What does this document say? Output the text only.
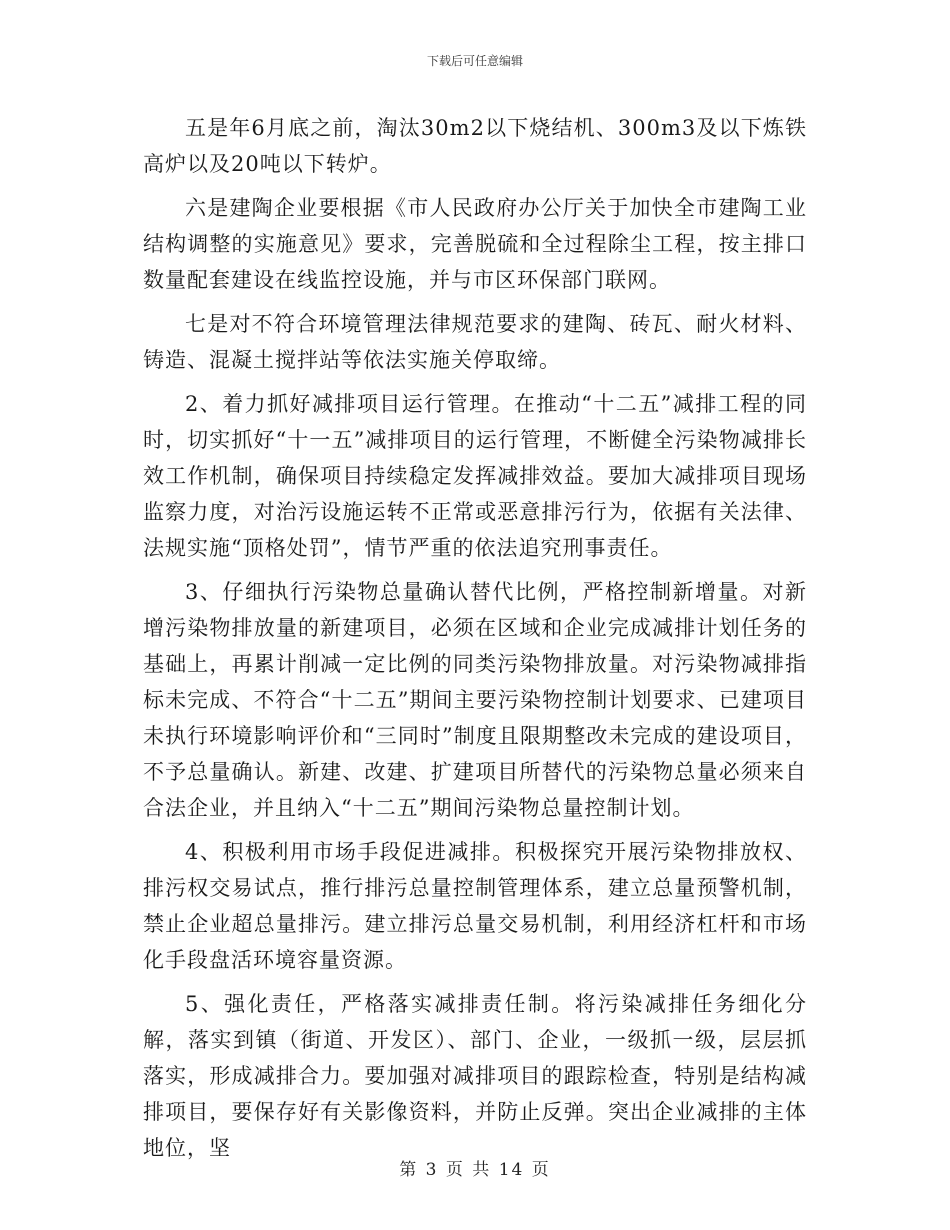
下载后可任意编辑

五是年6月底之前，淘汰30m2以下烧结机、300m3及以下炼铁高炉以及20吨以下转炉。

六是建陶企业要根据《市人民政府办公厅关于加快全市建陶工业结构调整的实施意见》要求，完善脱硫和全过程除尘工程，按主排口数量配套建设在线监控设施，并与市区环保部门联网。

七是对不符合环境管理法律规范要求的建陶、砖瓦、耐火材料、铸造、混凝土搅拌站等依法实施关停取缔。

2、着力抓好减排项目运行管理。在推动“十二五”减排工程的同时，切实抓好“十一五”减排项目的运行管理，不断健全污染物减排长效工作机制，确保项目持续稳定发挥减排效益。要加大减排项目现场监察力度，对治污设施运转不正常或恶意排污行为，依据有关法律、法规实施“顶格处罚”，情节严重的依法追究刑事责任。

3、仔细执行污染物总量确认替代比例，严格控制新增量。对新增污染物排放量的新建项目，必须在区域和企业完成减排计划任务的基础上，再累计削减一定比例的同类污染物排放量。对污染物减排指标未完成、不符合“十二五”期间主要污染物控制计划要求、已建项目未执行环境影响评价和“三同时”制度且限期整改未完成的建设项目，不予总量确认。新建、改建、扩建项目所替代的污染物总量必须来自合法企业，并且纳入“十二五”期间污染物总量控制计划。

4、积极利用市场手段促进减排。积极探究开展污染物排放权、排污权交易试点，推行排污总量控制管理体系，建立总量预警机制，禁止企业超总量排污。建立排污总量交易机制，利用经济杠杆和市场化手段盘活环境容量资源。

5、强化责任，严格落实减排责任制。将污染减排任务细化分解，落实到镇（街道、开发区）、部门、企业，一级抓一级，层层抓落实，形成减排合力。要加强对减排项目的跟踪检查，特别是结构减排项目，要保存好有关影像资料，并防止反弹。突出企业减排的主体地位，坚

第 3 页 共 14 页
